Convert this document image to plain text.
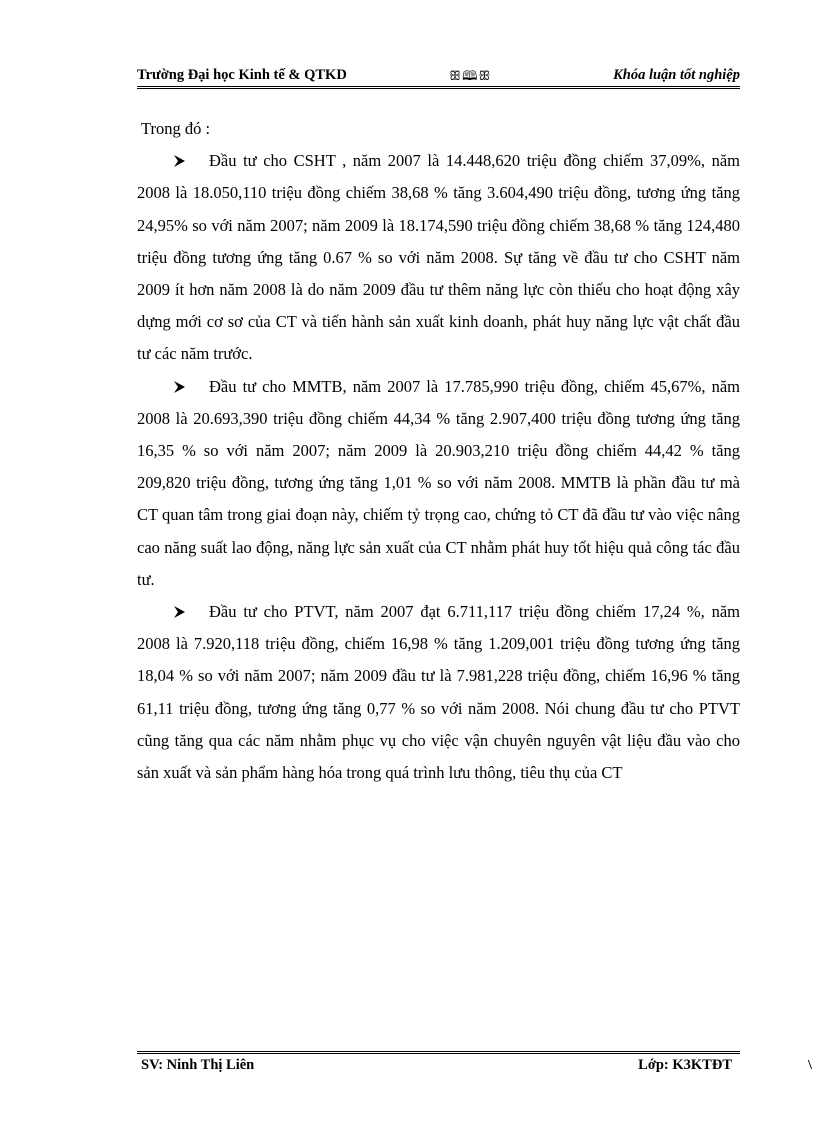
Trường Đại học Kinh tế & QTKD	ꕥ🕮ꕥ	Khóa luận tốt nghiệp

Trong đó :

Đầu tư cho CSHT , năm 2007 là 14.448,620 triệu đồng chiếm 37,09%, năm 2008 là 18.050,110 triệu đồng chiếm 38,68 % tăng 3.604,490 triệu đồng, tương ứng tăng 24,95% so với năm 2007; năm 2009 là 18.174,590 triệu đồng chiếm 38,68 % tăng 124,480 triệu đồng tương ứng tăng 0.67 % so với năm 2008. Sự tăng về đầu tư cho CSHT năm 2009 ít hơn năm 2008 là do năm 2009 đầu tư thêm năng lực còn thiếu cho hoạt động xây dựng mới cơ sơ của CT và tiến hành sản xuất kinh doanh, phát huy năng lực vật chất đầu tư các năm trước.

Đầu tư cho MMTB, năm 2007 là 17.785,990 triệu đồng, chiếm 45,67%, năm 2008 là 20.693,390 triệu đồng chiếm 44,34 % tăng 2.907,400 triệu đồng tương ứng tăng 16,35 % so với năm 2007; năm 2009 là 20.903,210 triệu đồng chiếm 44,42 % tăng 209,820 triệu đồng, tương ứng tăng 1,01 % so với năm 2008. MMTB là phần đầu tư mà CT quan tâm trong giai đoạn này, chiếm tỷ trọng cao, chứng tỏ CT đã đầu tư vào việc nâng cao năng suất lao động, năng lực sản xuất của CT nhằm phát huy tốt hiệu quả công tác đầu tư.

Đầu tư cho PTVT, năm 2007 đạt 6.711,117 triệu đồng chiếm 17,24 %, năm 2008 là 7.920,118 triệu đồng, chiếm 16,98 % tăng 1.209,001 triệu đồng tương ứng tăng 18,04 % so với năm 2007; năm 2009 đầu tư là 7.981,228 triệu đồng, chiếm 16,96 % tăng 61,11 triệu đồng, tương ứng tăng 0,77 % so với năm 2008. Nói chung đầu tư cho PTVT cũng tăng qua các năm nhằm phục vụ cho việc vận chuyên nguyên vật liệu đầu vào cho sản xuất và sản phẩm hàng hóa trong quá trình lưu thông, tiêu thụ của CT

SV: Ninh Thị Liên	Lớp: K3KTĐT	\
